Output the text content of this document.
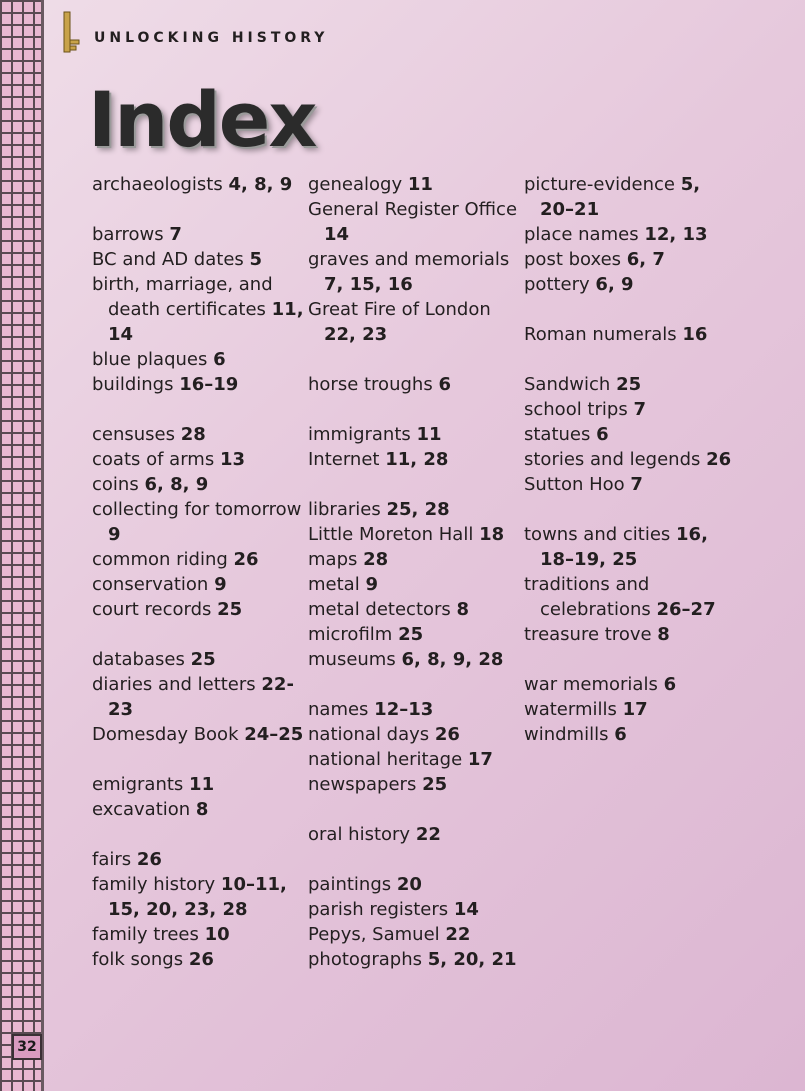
32
UNLOCKING HISTORY
Index

archaeologists 4, 8, 9

barrows 7

BC and AD dates 5

birth, marriage, and death certificates 11, 14

blue plaques 6

buildings 16–19

censuses 28

coats of arms 13

coins 6, 8, 9

collecting for tomorrow 9

common riding 26

conservation 9

court records 25

databases 25

diaries and letters 22-23

Domesday Book 24–25

emigrants 11

excavation 8

fairs 26

family history 10–11, 15, 20, 23, 28

family trees 10

folk songs 26

genealogy 11

General Register Office 14

graves and memorials 7, 15, 16

Great Fire of London 22, 23

horse troughs 6

immigrants 11

Internet 11, 28

libraries 25, 28

Little Moreton Hall 18

maps 28

metal 9

metal detectors 8

microfilm 25

museums 6, 8, 9, 28

names 12–13

national days 26

national heritage 17

newspapers 25

oral history 22

paintings 20

parish registers 14

Pepys, Samuel 22

photographs 5, 20, 21

picture-evidence 5, 20–21

place names 12, 13

post boxes 6, 7

pottery 6, 9

Roman numerals 16

Sandwich 25

school trips 7

statues 6

stories and legends 26

Sutton Hoo 7

towns and cities 16, 18–19, 25

traditions and celebrations 26–27

treasure trove 8

war memorials 6

watermills 17

windmills 6
